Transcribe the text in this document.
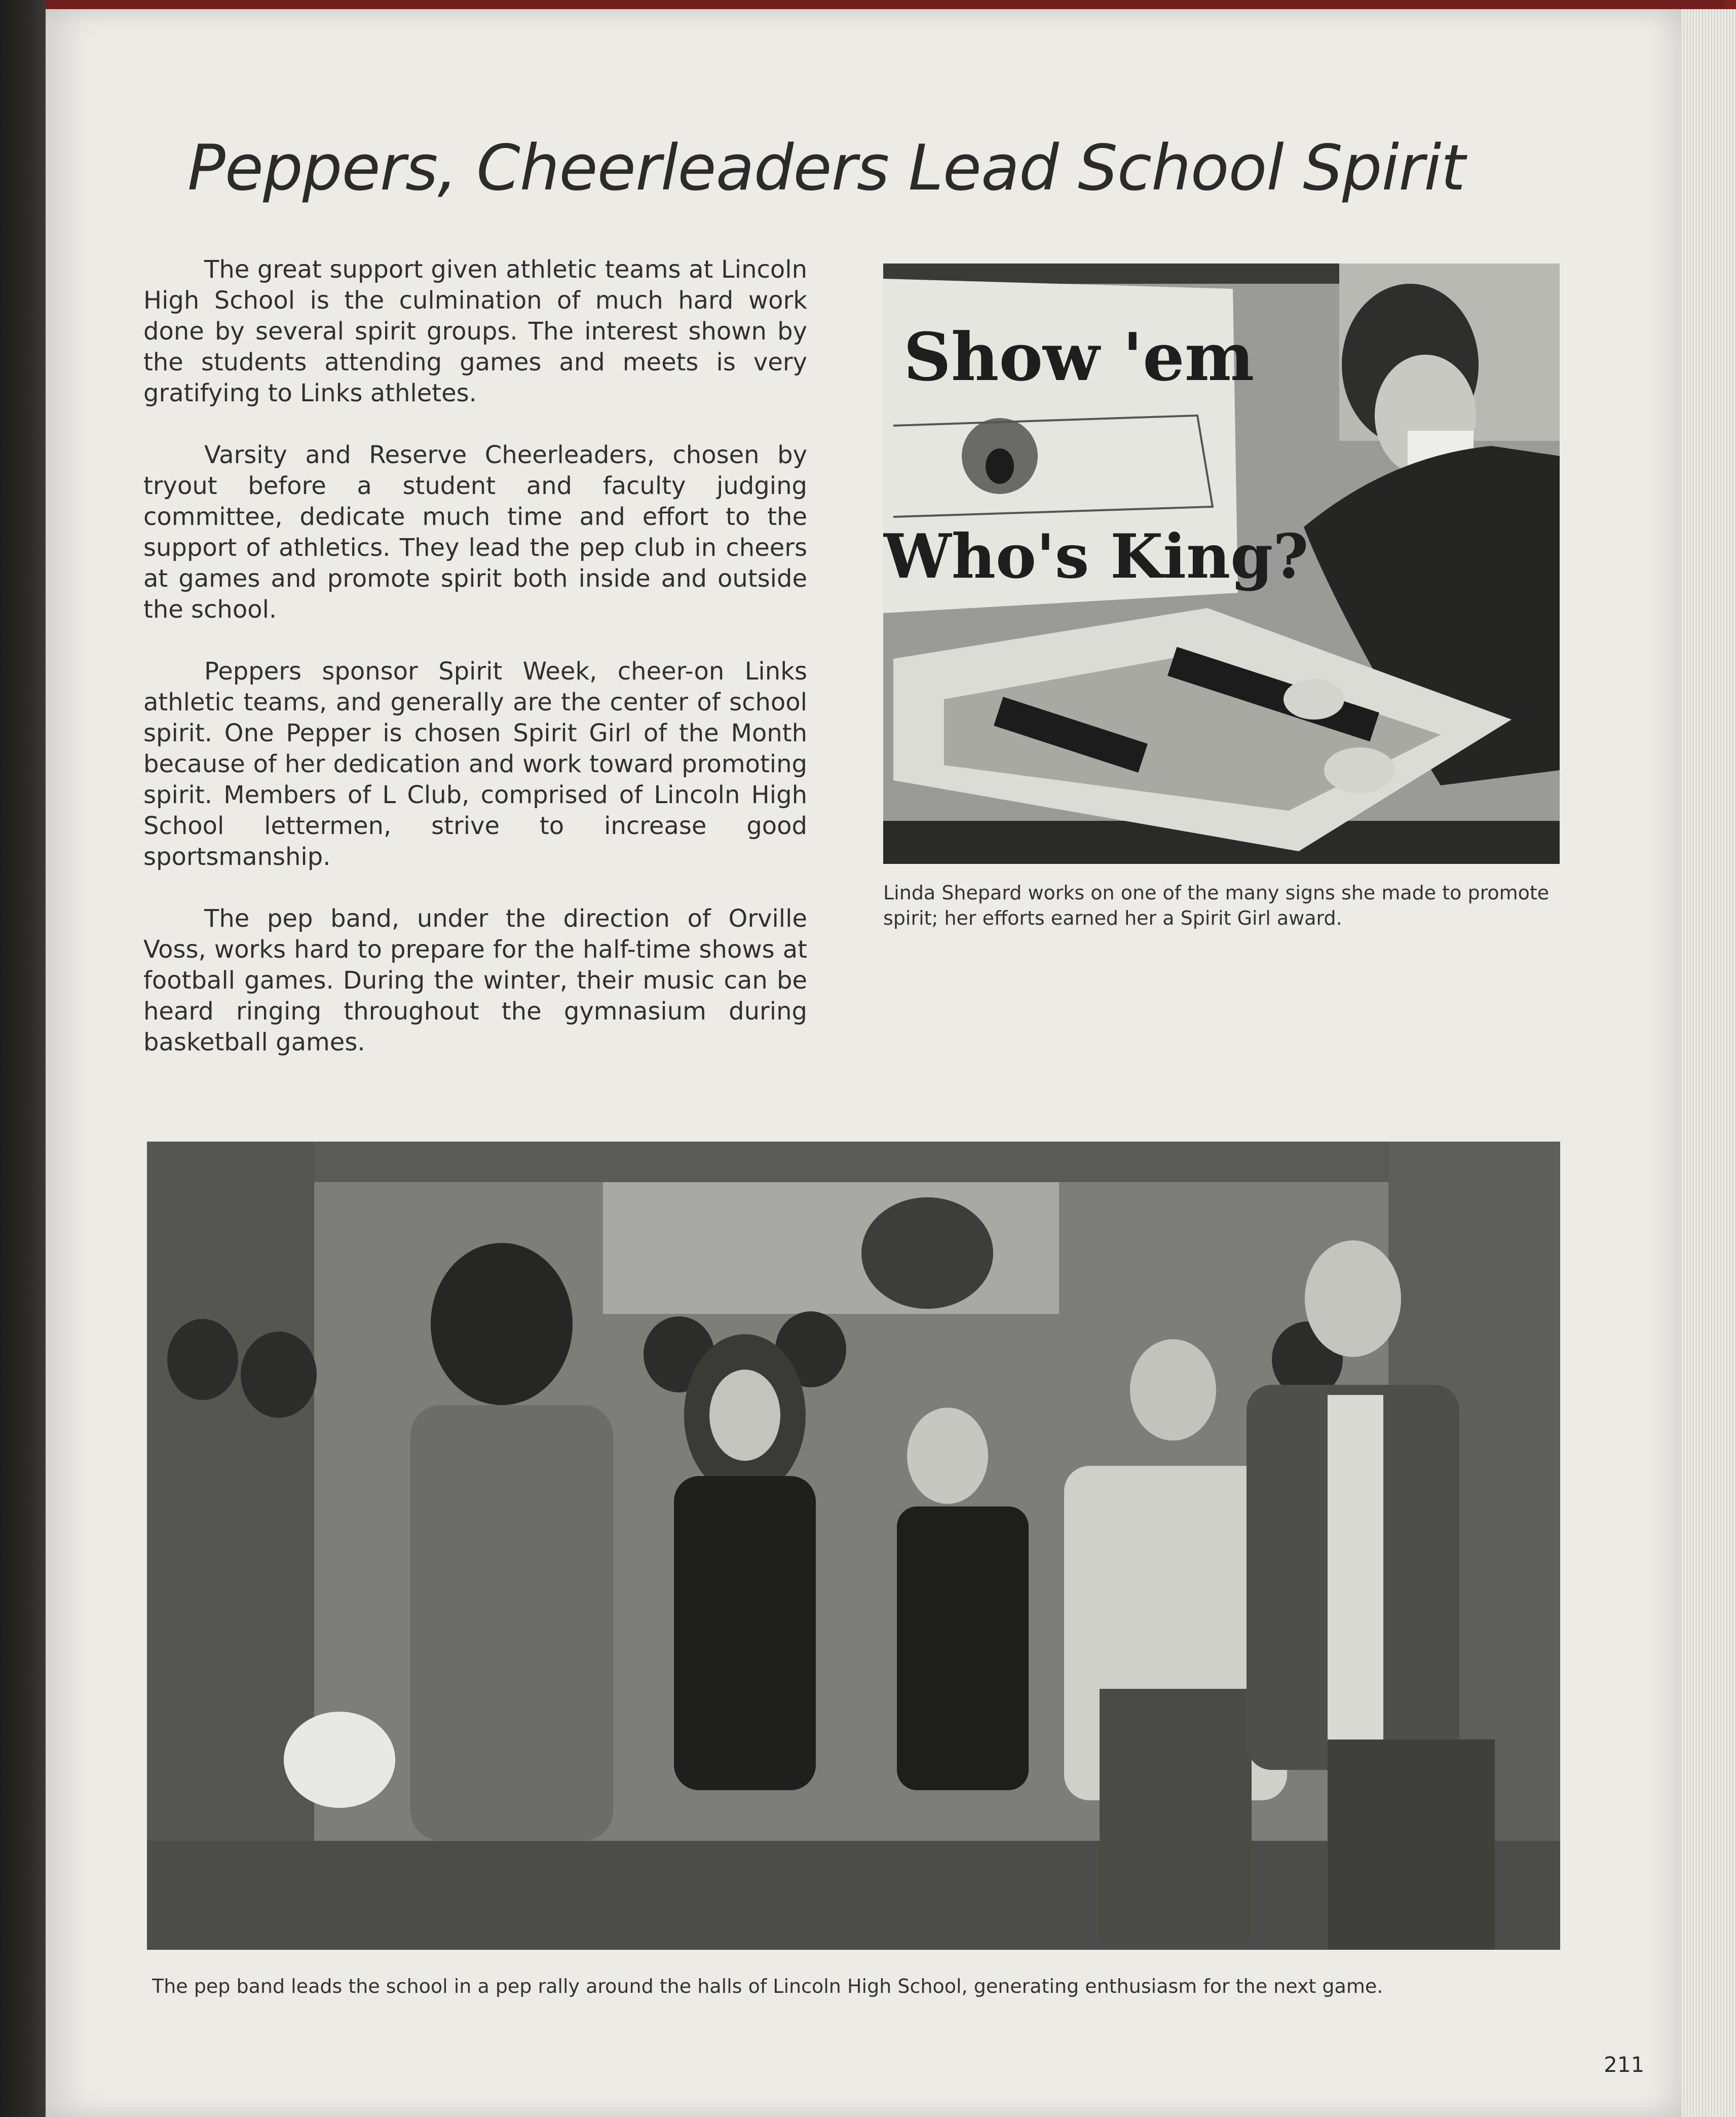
Peppers, Cheerleaders Lead School Spirit

The great support given athletic teams at Lincoln High School is the culmination of much hard work done by several spirit groups. The interest shown by the students attending games and meets is very gratifying to Links athletes.

Varsity and Reserve Cheerleaders, chosen by tryout before a student and faculty judging committee, dedicate much time and effort to the support of athletics. They lead the pep club in cheers at games and promote spirit both inside and outside the school.

Peppers sponsor Spirit Week, cheer-on Links athletic teams, and generally are the center of school spirit. One Pepper is chosen Spirit Girl of the Month because of her dedication and work toward promoting spirit. Members of L Club, comprised of Lincoln High School lettermen, strive to increase good sportsmanship.

The pep band, under the direction of Orville Voss, works hard to prepare for the half-time shows at football games. During the winter, their music can be heard ringing throughout the gymnasium during basketball games.

Show 'em
Who's King?
Linda Shepard works on one of the many signs she made to promote spirit; her efforts earned her a Spirit Girl award.
The pep band leads the school in a pep rally around the halls of Lincoln High School, generating enthusiasm for the next game.
211
